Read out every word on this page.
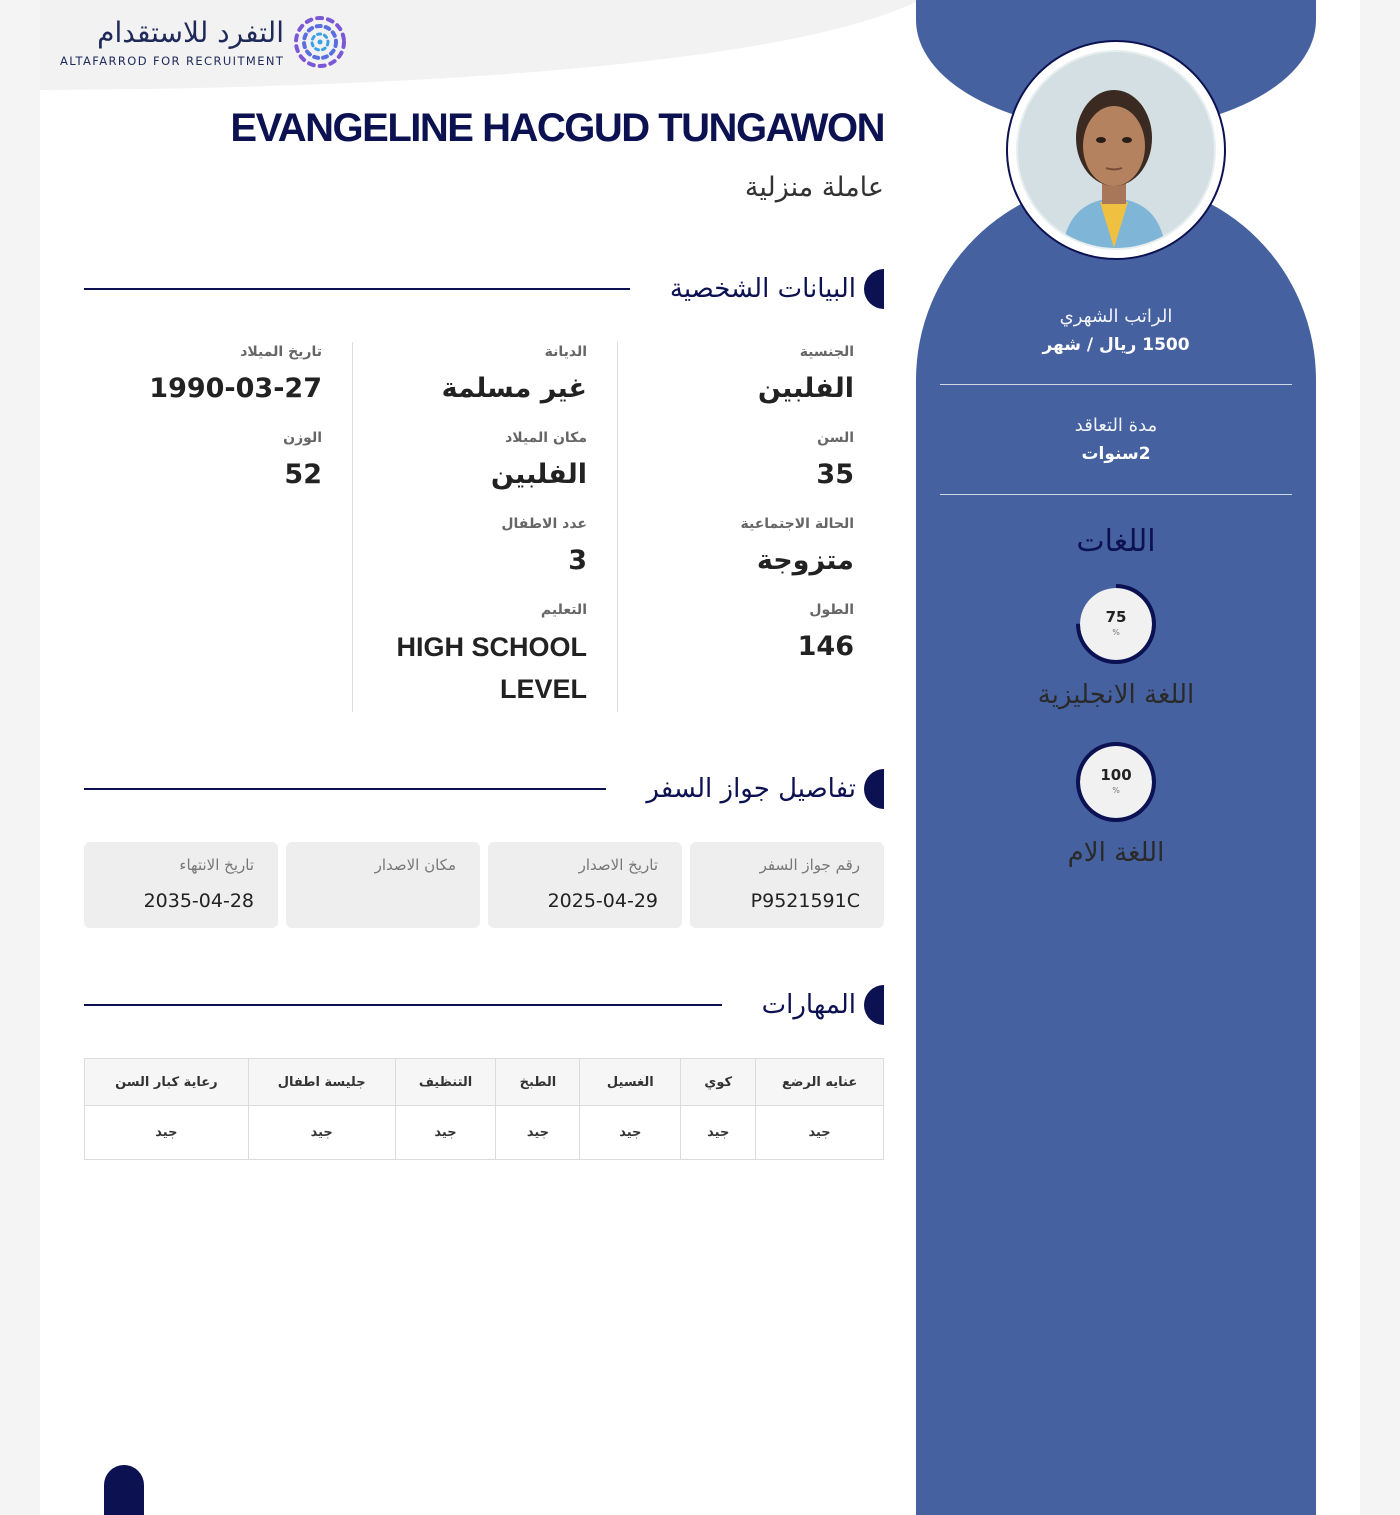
التفرد للاستقدام
ALTAFARROD FOR RECRUITMENT
EVANGELINE HACGUD TUNGAWON
عاملة منزلية
البيانات الشخصية
الجنسية
الفلبين
السن
35
الحالة الاجتماعية
متزوجة
الطول
146
الديانة
غير مسلمة
مكان الميلاد
الفلبين
عدد الاطفال
3
التعليم
HIGH SCHOOL LEVEL
تاريخ الميلاد
1990-03-27
الوزن
52
تفاصيل جواز السفر
رقم جواز السفر
P9521591C
تاريخ الاصدار
2025-04-29
مكان الاصدار
تاريخ الانتهاء
2035-04-28
المهارات
عنايه الرضع	كوي	الغسيل	الطبخ	التنظيف	جليسة اطفال	رعاية كبار السن
جيد	جيد	جيد	جيد	جيد	جيد	جيد
الراتب الشهري
1500 ريال / شهر
مدة التعاقد
2سنوات
اللغات
75
%
اللغة الانجليزية
100
%
اللغة الام
